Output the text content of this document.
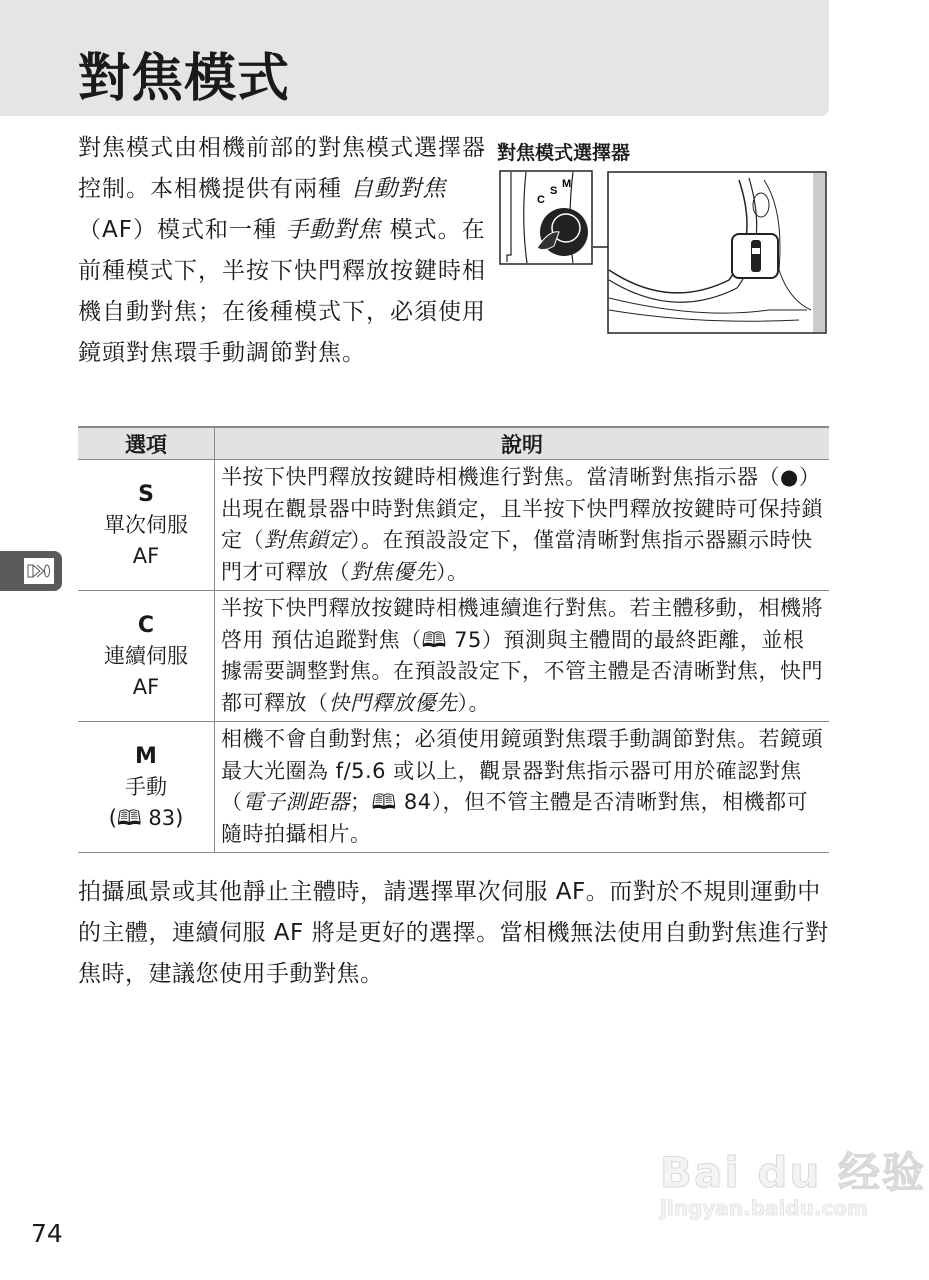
對焦模式
對焦模式由相機前部的對焦模式選擇器控制。本相機提供有兩種 自動對焦（AF）模式和一種 手動對焦 模式。在前種模式下，半按下快門釋放按鍵時相機自動對焦；在後種模式下，必須使用鏡頭對焦環手動調節對焦。
對焦模式選擇器
C
S
M
選項	說明

S
單次伺服
AF	半按下快門釋放按鍵時相機進行對焦。當清晰對焦指示器（●）出現在觀景器中時對焦鎖定，且半按下快門釋放按鍵時可保持鎖定（對焦鎖定）。在預設設定下，僅當清晰對焦指示器顯示時快門才可釋放（對焦優先）。

C
連續伺服
AF	半按下快門釋放按鍵時相機連續進行對焦。若主體移動，相機將啓用 預估追蹤對焦（🕮 75）預測與主體間的最終距離，並根據需要調整對焦。在預設設定下，不管主體是否清晰對焦，快門都可釋放（快門釋放優先）。

M
手動
(🕮 83)	相機不會自動對焦；必須使用鏡頭對焦環手動調節對焦。若鏡頭最大光圈為 f/5.6 或以上，觀景器對焦指示器可用於確認對焦（電子測距器；🕮 84），但不管主體是否清晰對焦，相機都可隨時拍攝相片。

拍攝風景或其他靜止主體時，請選擇單次伺服 AF。而對於不規則運動中的主體，連續伺服 AF 將是更好的選擇。當相機無法使用自動對焦進行對焦時，建議您使用手動對焦。

Bai du 经验
jingyan.baidu.com
74
